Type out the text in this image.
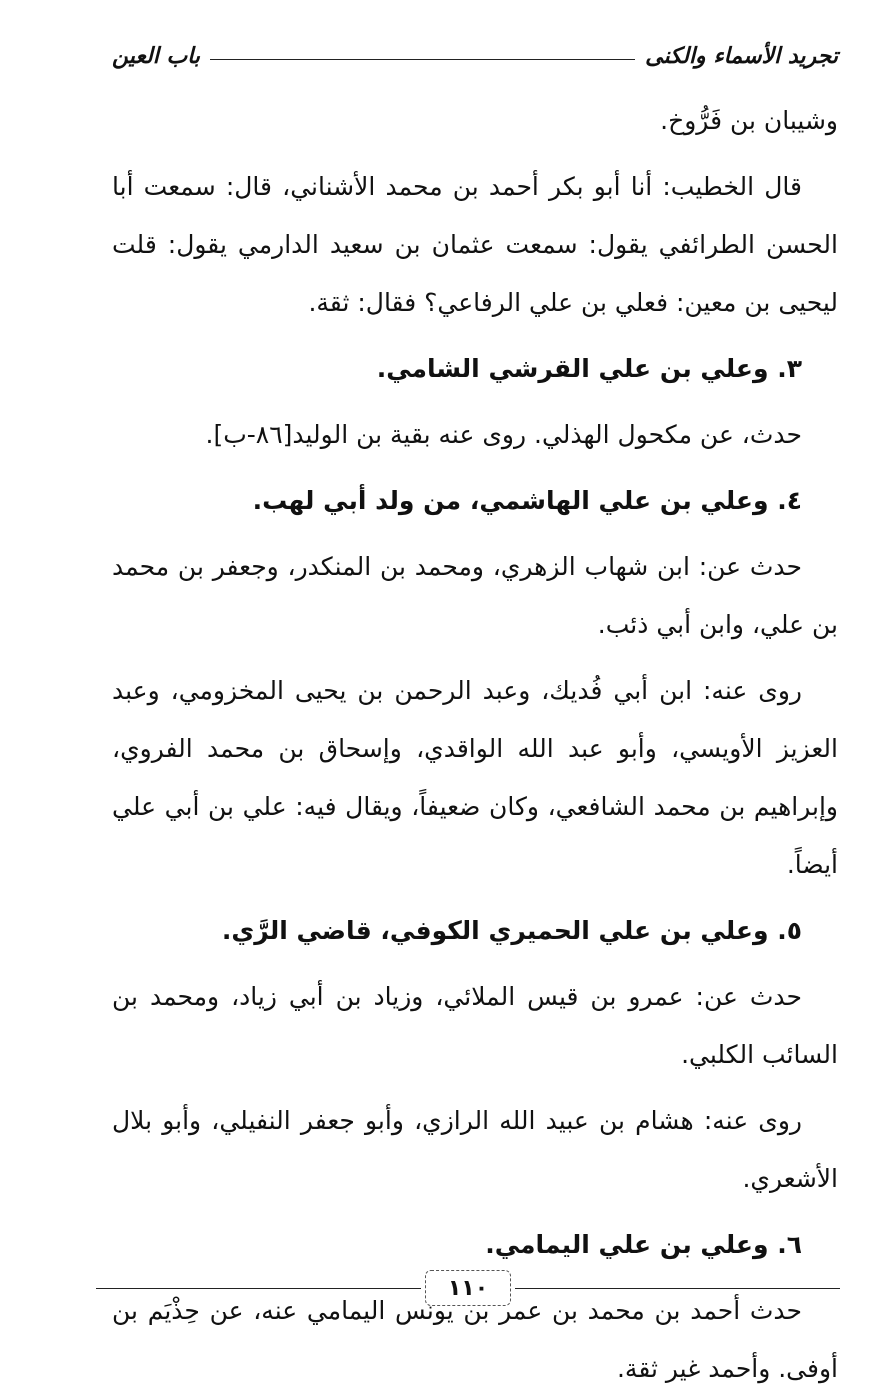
تجريد الأسماء والكنى
باب العين

وشيبان بن فَرُّوخ.

قال الخطيب: أنا أبو بكر أحمد بن محمد الأشناني، قال: سمعت أبا الحسن الطرائفي يقول: سمعت عثمان بن سعيد الدارمي يقول: قلت ليحيى بن معين: فعلي بن علي الرفاعي؟ فقال: ثقة.

٣. وعلي بن علي القرشي الشامي.

حدث، عن مكحول الهذلي. روى عنه بقية بن الوليد[٨٦-ب].

٤. وعلي بن علي الهاشمي، من ولد أبي لهب.

حدث عن: ابن شهاب الزهري، ومحمد بن المنكدر، وجعفر بن محمد بن علي، وابن أبي ذئب.

روى عنه: ابن أبي فُديك، وعبد الرحمن بن يحيى المخزومي، وعبد العزيز الأويسي، وأبو عبد الله الواقدي، وإسحاق بن محمد الفروي، وإبراهيم بن محمد الشافعي، وكان ضعيفاً، ويقال فيه: علي بن أبي علي أيضاً.

٥. وعلي بن علي الحميري الكوفي، قاضي الرَّي.

حدث عن: عمرو بن قيس الملائي، وزياد بن أبي زياد، ومحمد بن السائب الكلبي.

روى عنه: هشام بن عبيد الله الرازي، وأبو جعفر النفيلي، وأبو بلال الأشعري.

٦. وعلي بن علي اليمامي.

حدث أحمد بن محمد بن عمر بن يونس اليمامي عنه، عن حِذْيَم بن أوفى. وأحمد غير ثقة.

١١٠
